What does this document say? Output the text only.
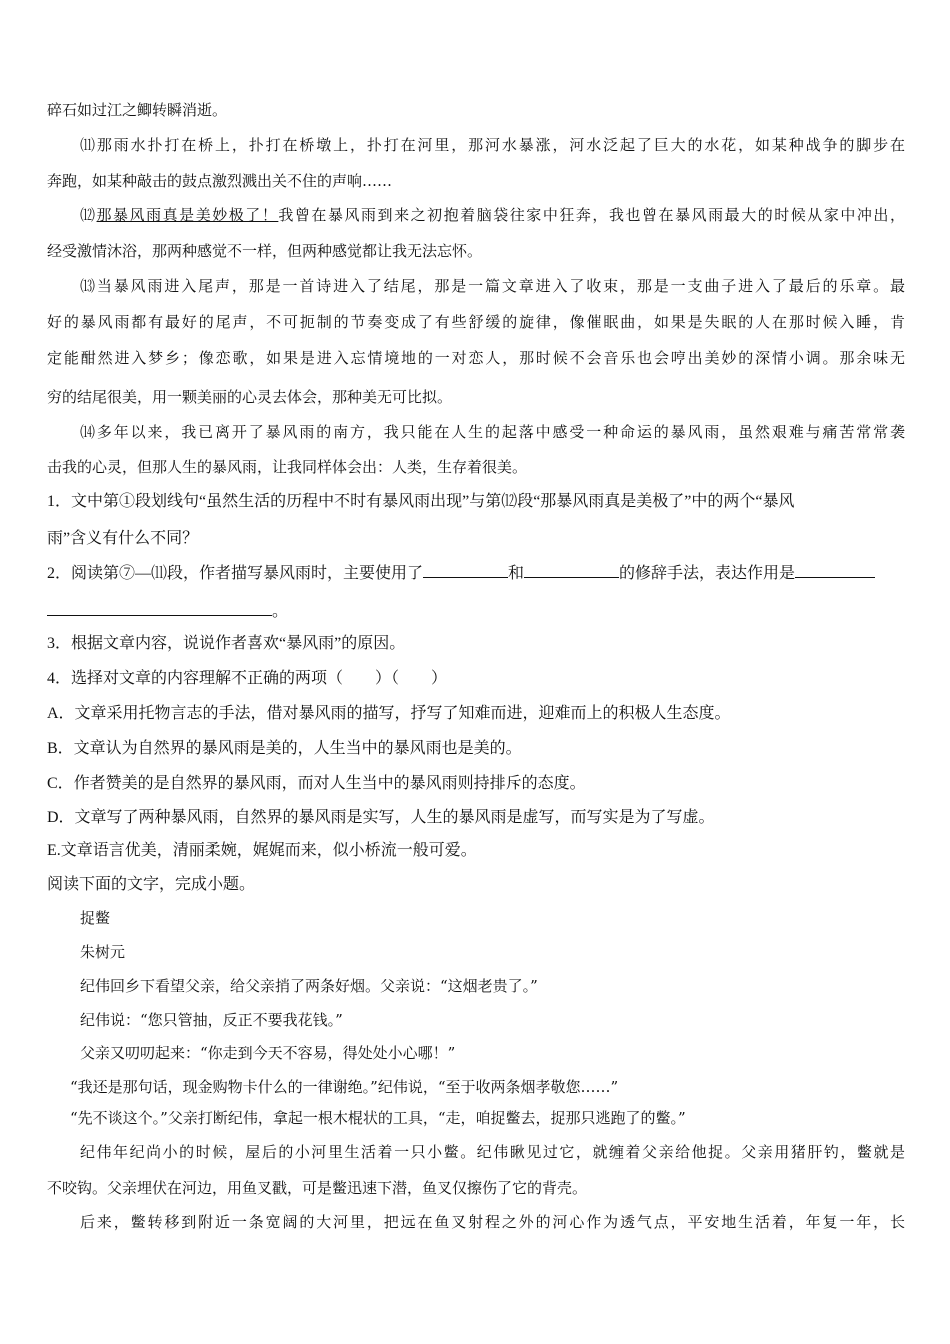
碎石如过江之鲫转瞬消逝。
⑾那雨水扑打在桥上，扑打在桥墩上，扑打在河里，那河水暴涨，河水泛起了巨大的水花，如某种战争的脚步在
奔跑，如某种敲击的鼓点激烈溅出关不住的声响……
⑿那暴风雨真是美妙极了！我曾在暴风雨到来之初抱着脑袋往家中狂奔，我也曾在暴风雨最大的时候从家中冲出，
经受激情沐浴，那两种感觉不一样，但两种感觉都让我无法忘怀。
⒀当暴风雨进入尾声，那是一首诗进入了结尾，那是一篇文章进入了收束，那是一支曲子进入了最后的乐章。最
好的暴风雨都有最好的尾声，不可扼制的节奏变成了有些舒缓的旋律，像催眠曲，如果是失眠的人在那时候入睡，肯
定能酣然进入梦乡；像恋歌，如果是进入忘情境地的一对恋人，那时候不会音乐也会哼出美妙的深情小调。那余味无
穷的结尾很美，用一颗美丽的心灵去体会，那种美无可比拟。
⒁多年以来，我已离开了暴风雨的南方，我只能在人生的起落中感受一种命运的暴风雨，虽然艰难与痛苦常常袭
击我的心灵，但那人生的暴风雨，让我同样体会出：人类，生存着很美。
1．文中第①段划线句“虽然生活的历程中不时有暴风雨出现”与第⑿段“那暴风雨真是美极了”中的两个“暴风
雨”含义有什么不同？
2．阅读第⑦—⑾段，作者描写暴风雨时，主要使用了	和	的修辞手法，表达作用是
。
3．根据文章内容，说说作者喜欢“暴风雨”的原因。
4．选择对文章的内容理解不正确的两项（　　）（　　）
A．文章采用托物言志的手法，借对暴风雨的描写，抒写了知难而进，迎难而上的积极人生态度。
B．文章认为自然界的暴风雨是美的，人生当中的暴风雨也是美的。
C．作者赞美的是自然界的暴风雨，而对人生当中的暴风雨则持排斥的态度。
D．文章写了两种暴风雨，自然界的暴风雨是实写，人生的暴风雨是虚写，而写实是为了写虚。
E.文章语言优美，清丽柔婉，娓娓而来，似小桥流一般可爱。
阅读下面的文字，完成小题。
捉鳖
朱树元
纪伟回乡下看望父亲，给父亲捎了两条好烟。父亲说：“这烟老贵了。”
纪伟说：“您只管抽，反正不要我花钱。”
父亲又叨叨起来：“你走到今天不容易，得处处小心哪！”
“我还是那句话，现金购物卡什么的一律谢绝。”纪伟说，“至于收两条烟孝敬您……”
“先不谈这个。”父亲打断纪伟，拿起一根木棍状的工具，“走，咱捉鳖去，捉那只逃跑了的鳖。”
纪伟年纪尚小的时候，屋后的小河里生活着一只小鳖。纪伟瞅见过它，就缠着父亲给他捉。父亲用猪肝钓，鳖就是
不咬钩。父亲埋伏在河边，用鱼叉戳，可是鳖迅速下潜，鱼叉仅擦伤了它的背壳。
后来，鳖转移到附近一条宽阔的大河里，把远在鱼叉射程之外的河心作为透气点，平安地生活着，年复一年，长
